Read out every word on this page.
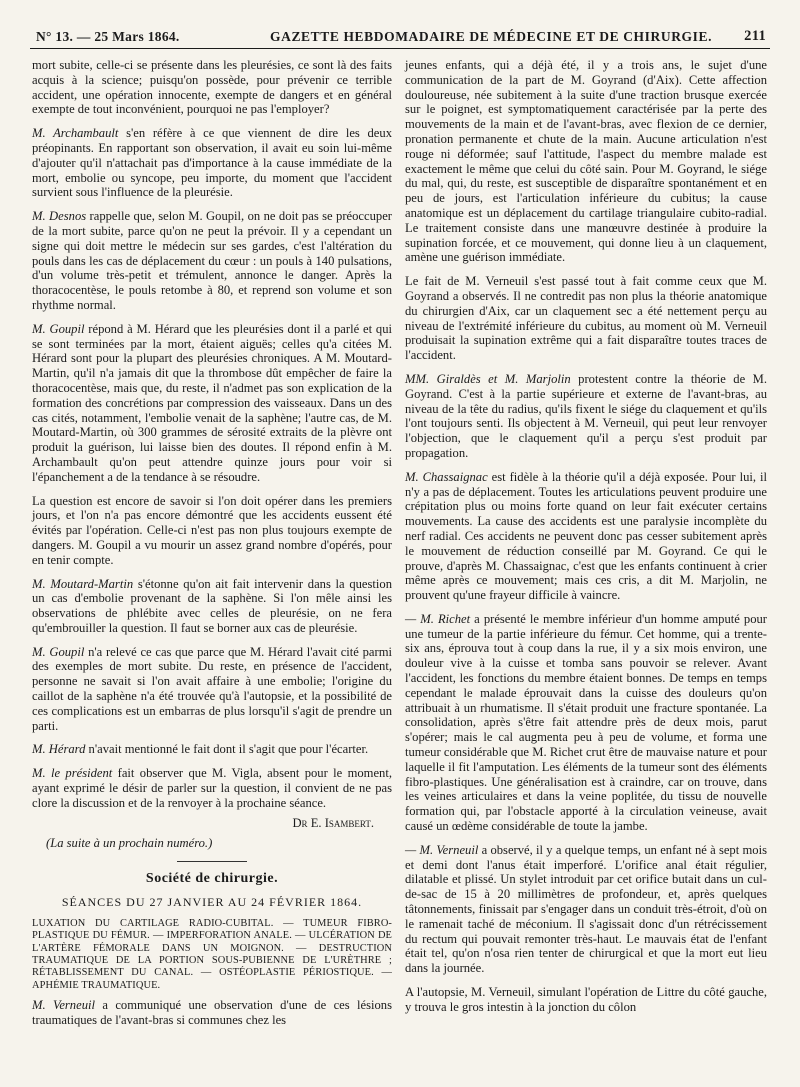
N° 13. — 25 Mars 1864.	GAZETTE HEBDOMADAIRE DE MÉDECINE ET DE CHIRURGIE. 211

mort subite, celle-ci se présente dans les pleurésies, ce sont là des faits acquis à la science; puisqu'on possède, pour prévenir ce terrible accident, une opération innocente, exempte de dangers et en général exempte de tout inconvénient, pourquoi ne pas l'employer?

M. Archambault s'en réfère à ce que viennent de dire les deux préopinants. En rapportant son observation, il avait eu soin lui-même d'ajouter qu'il n'attachait pas d'importance à la cause immédiate de la mort, embolie ou syncope, peu importe, du moment que l'accident survient sous l'influence de la pleurésie.

M. Desnos rappelle que, selon M. Goupil, on ne doit pas se préoccuper de la mort subite, parce qu'on ne peut la prévoir. Il y a cependant un signe qui doit mettre le médecin sur ses gardes, c'est l'altération du pouls dans les cas de déplacement du cœur : un pouls à 140 pulsations, d'un volume très-petit et trémulent, annonce le danger. Après la thoracocentèse, le pouls retombe à 80, et reprend son volume et son rhythme normal.

M. Goupil répond à M. Hérard que les pleurésies dont il a parlé et qui se sont terminées par la mort, étaient aiguës; celles qu'a citées M. Hérard sont pour la plupart des pleurésies chroniques. A M. Moutard-Martin, qu'il n'a jamais dit que la thrombose dût empêcher de faire la thoracocentèse, mais que, du reste, il n'admet pas son explication de la formation des concrétions par compression des vaisseaux. Dans un des cas cités, notamment, l'embolie venait de la saphène; l'autre cas, de M. Moutard-Martin, où 300 grammes de sérosité extraits de la plèvre ont produit la guérison, lui laisse bien des doutes. Il répond enfin à M. Archambault qu'on peut attendre quinze jours pour voir si l'épanchement a de la tendance à se résoudre.

La question est encore de savoir si l'on doit opérer dans les premiers jours, et l'on n'a pas encore démontré que les accidents eussent été évités par l'opération. Celle-ci n'est pas non plus toujours exempte de dangers. M. Goupil a vu mourir un assez grand nombre d'opérés, pour en tenir compte.

M. Moutard-Martin s'étonne qu'on ait fait intervenir dans la question un cas d'embolie provenant de la saphène. Si l'on mêle ainsi les observations de phlébite avec celles de pleurésie, on ne fera qu'embrouiller la question. Il faut se borner aux cas de pleurésie.

M. Goupil n'a relevé ce cas que parce que M. Hérard l'avait cité parmi des exemples de mort subite. Du reste, en présence de l'accident, personne ne savait si l'on avait affaire à une embolie; l'origine du caillot de la saphène n'a été trouvée qu'à l'autopsie, et la possibilité de ces complications est un embarras de plus lorsqu'il s'agit de prendre un parti.

M. Hérard n'avait mentionné le fait dont il s'agit que pour l'écarter.

M. le président fait observer que M. Vigla, absent pour le moment, ayant exprimé le désir de parler sur la question, il convient de ne pas clore la discussion et de la renvoyer à la prochaine séance.

Dr E. Isambert.
(La suite à un prochain numéro.)
Société de chirurgie.
SÉANCES DU 27 JANVIER AU 24 FÉVRIER 1864.
LUXATION DU CARTILAGE RADIO-CUBITAL. — TUMEUR FIBRO-PLASTIQUE DU FÉMUR. — IMPERFORATION ANALE. — ULCÉRATION DE L'ARTÈRE FÉMORALE DANS UN MOIGNON. — DESTRUCTION TRAUMATIQUE DE LA PORTION SOUS-PUBIENNE DE L'URÈTHRE ; RÉTABLISSEMENT DU CANAL. — OSTÉOPLASTIE PÉRIOSTIQUE. — APHÉMIE TRAUMATIQUE.

M. Verneuil a communiqué une observation d'une de ces lésions traumatiques de l'avant-bras si communes chez les

jeunes enfants, qui a déjà été, il y a trois ans, le sujet d'une communication de la part de M. Goyrand (d'Aix). Cette affection douloureuse, née subitement à la suite d'une traction brusque exercée sur le poignet, est symptomatiquement caractérisée par la perte des mouvements de la main et de l'avant-bras, avec flexion de ce dernier, pronation permanente et chute de la main. Aucune articulation n'est rouge ni déformée; sauf l'attitude, l'aspect du membre malade est exactement le même que celui du côté sain. Pour M. Goyrand, le siége du mal, qui, du reste, est susceptible de disparaître spontanément et en peu de jours, est l'articulation inférieure du cubitus; la cause anatomique est un déplacement du cartilage triangulaire cubito-radial. Le traitement consiste dans une manœuvre destinée à produire la supination forcée, et ce mouvement, qui donne lieu à un claquement, amène une guérison immédiate.

Le fait de M. Verneuil s'est passé tout à fait comme ceux que M. Goyrand a observés. Il ne contredit pas non plus la théorie anatomique du chirurgien d'Aix, car un claquement sec a été nettement perçu au niveau de l'extrémité inférieure du cubitus, au moment où M. Verneuil produisait la supination extrême qui a fait disparaître toutes traces de l'accident.

MM. Giraldès et M. Marjolin protestent contre la théorie de M. Goyrand. C'est à la partie supérieure et externe de l'avant-bras, au niveau de la tête du radius, qu'ils fixent le siége du claquement et qu'ils l'ont toujours senti. Ils objectent à M. Verneuil, qui peut leur renvoyer l'objection, que le claquement qu'il a perçu s'est produit par propagation.

M. Chassaignac est fidèle à la théorie qu'il a déjà exposée. Pour lui, il n'y a pas de déplacement. Toutes les articulations peuvent produire une crépitation plus ou moins forte quand on leur fait exécuter certains mouvements. La cause des accidents est une paralysie incomplète du nerf radial. Ces accidents ne peuvent donc pas cesser subitement après le mouvement de réduction conseillé par M. Goyrand. Ce qui le prouve, d'après M. Chassaignac, c'est que les enfants continuent à crier même après ce mouvement; mais ces cris, a dit M. Marjolin, ne prouvent qu'une frayeur difficile à vaincre.

— M. Richet a présenté le membre inférieur d'un homme amputé pour une tumeur de la partie inférieure du fémur. Cet homme, qui a trente-six ans, éprouva tout à coup dans la rue, il y a six mois environ, une douleur vive à la cuisse et tomba sans pouvoir se relever. Avant l'accident, les fonctions du membre étaient bonnes. De temps en temps cependant le malade éprouvait dans la cuisse des douleurs qu'on attribuait à un rhumatisme. Il s'était produit une fracture spontanée. La consolidation, après s'être fait attendre près de deux mois, parut s'opérer; mais le cal augmenta peu à peu de volume, et forma une tumeur considérable que M. Richet crut être de mauvaise nature et pour laquelle il fit l'amputation. Les éléments de la tumeur sont des éléments fibro-plastiques. Une généralisation est à craindre, car on trouve, dans les veines articulaires et dans la veine poplitée, du tissu de nouvelle formation qui, par l'obstacle apporté à la circulation veineuse, avait causé un œdème considérable de toute la jambe.

— M. Verneuil a observé, il y a quelque temps, un enfant né à sept mois et demi dont l'anus était imperforé. L'orifice anal était régulier, dilatable et plissé. Un stylet introduit par cet orifice butait dans un cul-de-sac de 15 à 20 millimètres de profondeur, et, après quelques tâtonnements, finissait par s'engager dans un conduit très-étroit, d'où on le ramenait taché de méconium. Il s'agissait donc d'un rétrécissement du rectum qui pouvait remonter très-haut. Le mauvais état de l'enfant était tel, qu'on n'osa rien tenter de chirurgical et que la mort eut lieu dans la journée.

A l'autopsie, M. Verneuil, simulant l'opération de Littre du côté gauche, y trouva le gros intestin à la jonction du côlon
